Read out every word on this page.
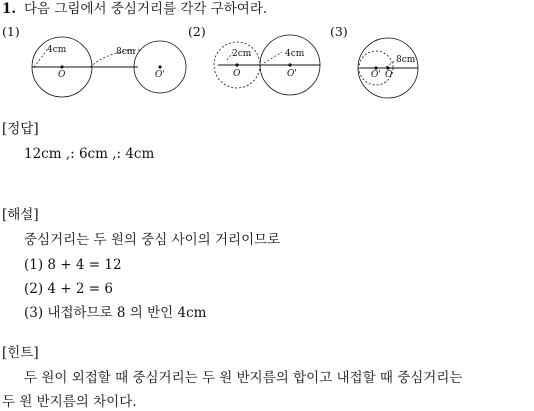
1. 다음 그림에서 중심거리를 각각 구하여라.
(1)	(2)	(3)
4cm	8cm
O	O'
2cm	4cm
O	O'
8cm
O' O
[정답]
12cm ,: 6cm ,: 4cm
[해설]
중심거리는 두 원의 중심 사이의 거리이므로
(1) 8 + 4 = 12
(2) 4 + 2 = 6
(3) 내접하므로 8 의 반인 4cm
[힌트]
두 원이 외접할 때 중심거리는 두 원 반지름의 합이고 내접할 때 중심거리는
두 원 반지름의 차이다.
